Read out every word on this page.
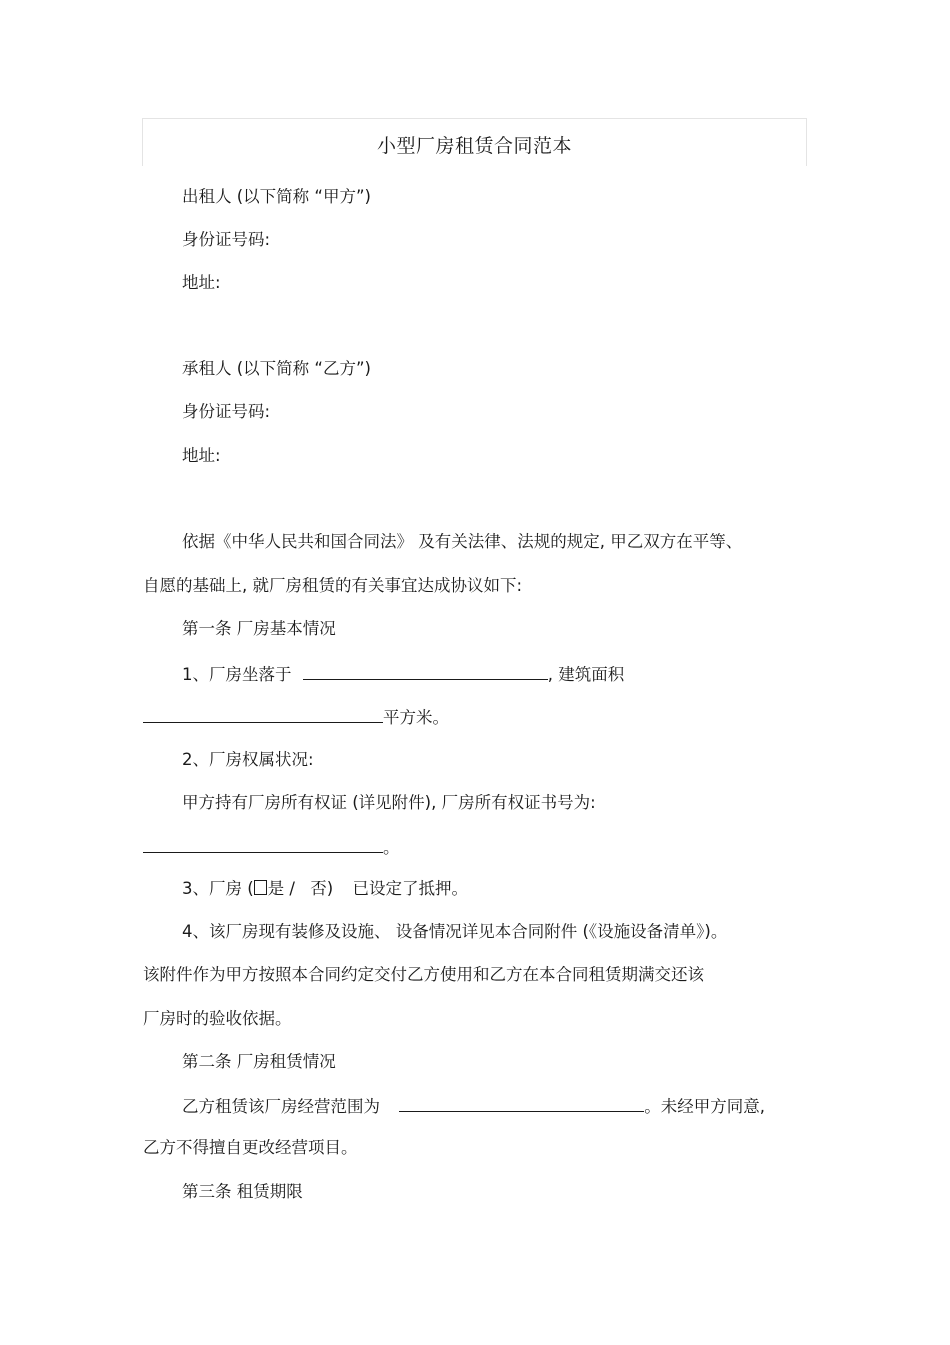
小型厂房租赁合同范本
出租人 (以下简称 “甲方”)
身份证号码:
地址:
承租人 (以下简称 “乙方”)
身份证号码:
地址:
依据《中华人民共和国合同法》 及有关法律、法规的规定, 甲乙双方在平等、
自愿的基础上, 就厂房租赁的有关事宜达成协议如下:
第一条 厂房基本情况
1、厂房坐落于	, 建筑面积
平方米。
2、厂房权属状况:
甲方持有厂房所有权证 (详见附件), 厂房所有权证书号为:
。
3、厂房 ( 是 / 否) 已设定了抵押。
4、该厂房现有装修及设施、 设备情况详见本合同附件 (《设施设备清单》)。
该附件作为甲方按照本合同约定交付乙方使用和乙方在本合同租赁期满交还该
厂房时的验收依据。
第二条 厂房租赁情况
乙方租赁该厂房经营范围为	。未经甲方同意,
乙方不得擅自更改经营项目。
第三条 租赁期限
